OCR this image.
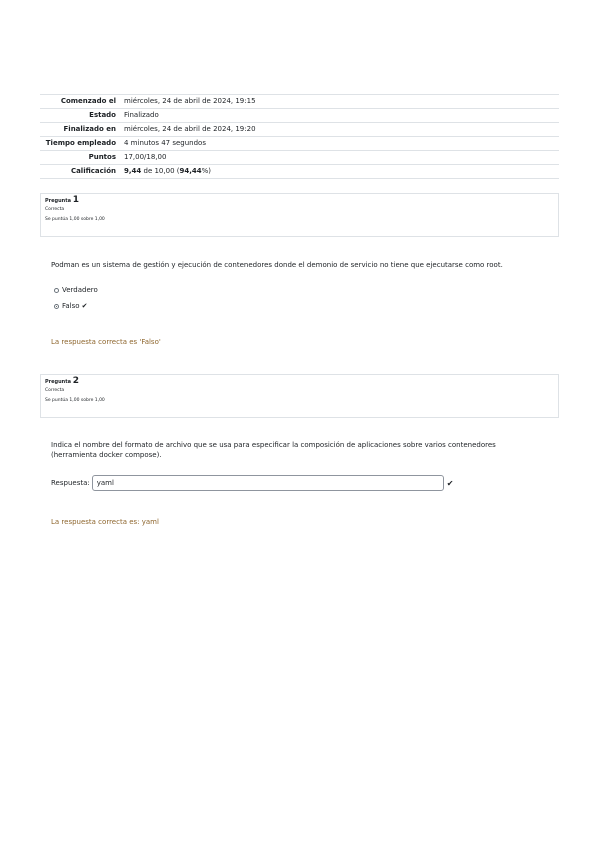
Comenzado el	miércoles, 24 de abril de 2024, 19:15
Estado	Finalizado
Finalizado en	miércoles, 24 de abril de 2024, 19:20
Tiempo empleado	4 minutos 47 segundos
Puntos	17,00/18,00
Calificación	9,44 de 10,00 (94,44%)
Pregunta 1
Correcta
Se puntúa 1,00 sobre 1,00
Podman es un sistema de gestión y ejecución de contenedores donde el demonio de servicio no tiene que ejecutarse como root.
Verdadero
Falso ✔
La respuesta correcta es 'Falso'
Pregunta 2
Correcta
Se puntúa 1,00 sobre 1,00
Indica el nombre del formato de archivo que se usa para especificar la composición de aplicaciones sobre varios contenedores (herramienta docker compose).
Respuesta:
yaml	✔
La respuesta correcta es: yaml
